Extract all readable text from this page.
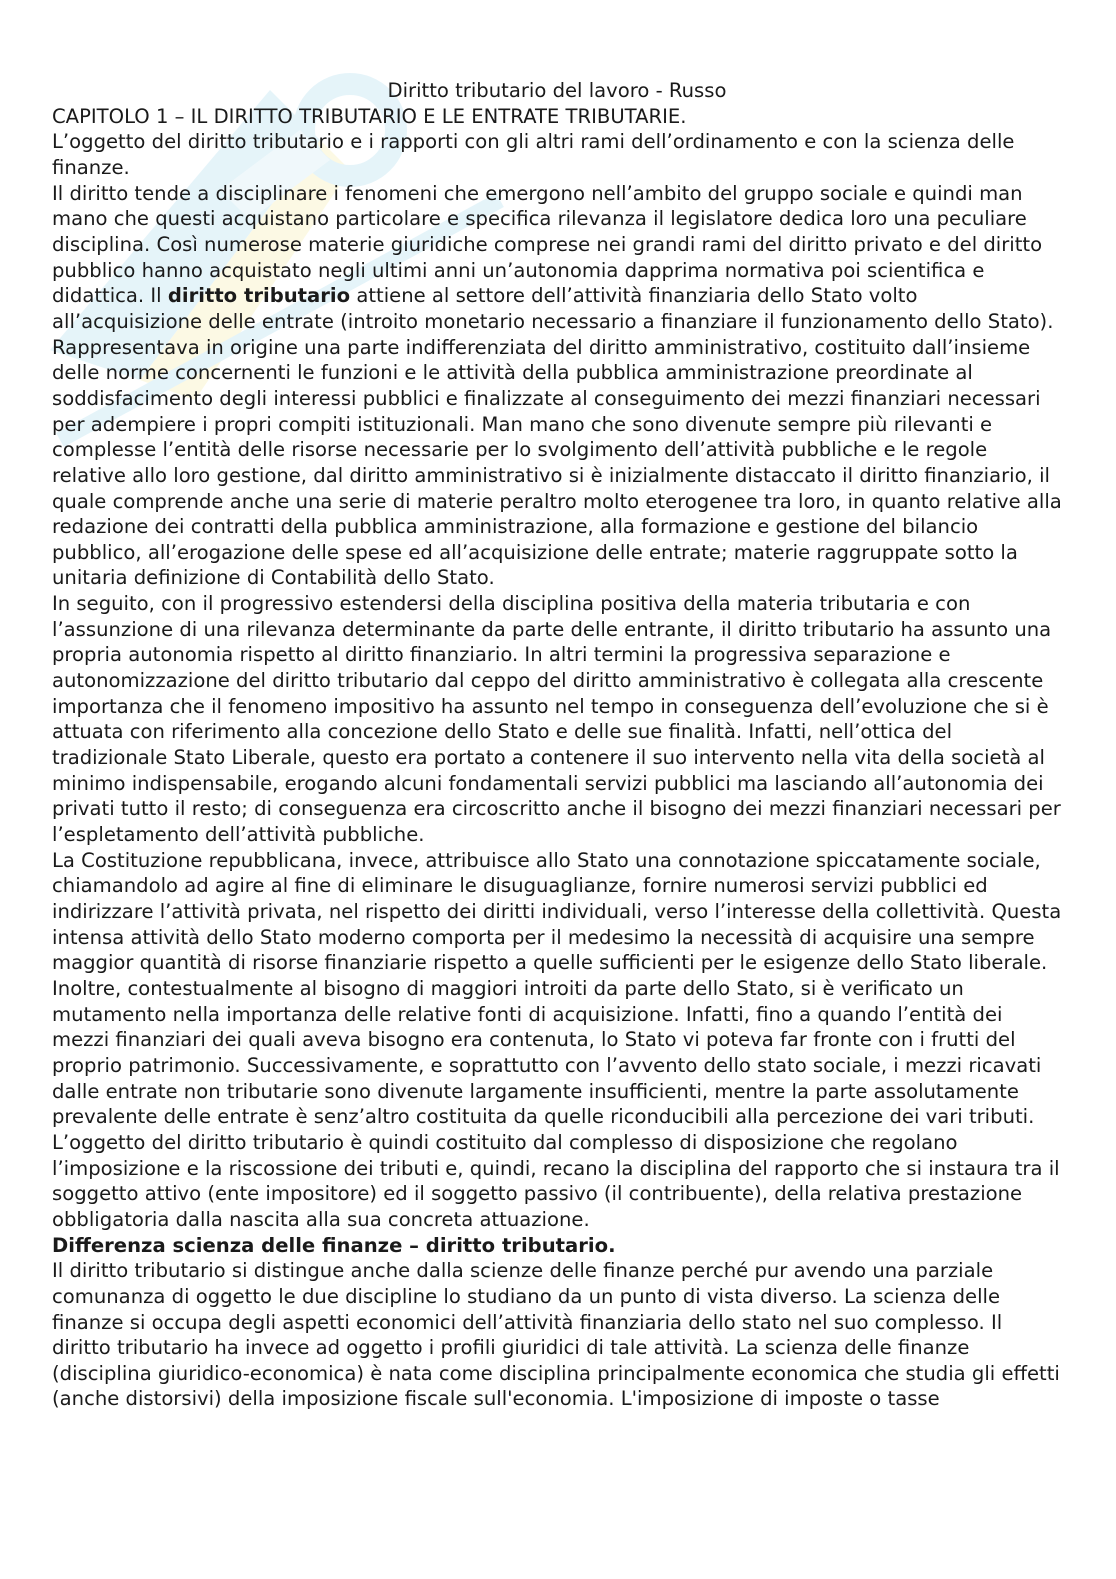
Diritto tributario del lavoro - Russo

CAPITOLO 1 – IL DIRITTO TRIBUTARIO E LE ENTRATE TRIBUTARIE.

L’oggetto del diritto tributario e i rapporti con gli altri rami dell’ordinamento e con la scienza delle finanze.

Il diritto tende a disciplinare i fenomeni che emergono nell’ambito del gruppo sociale e quindi man mano che questi acquistano particolare e specifica rilevanza il legislatore dedica loro una peculiare disciplina. Così numerose materie giuridiche comprese nei grandi rami del diritto privato e del diritto pubblico hanno acquistato negli ultimi anni un’autonomia dapprima normativa poi scientifica e didattica. Il diritto tributario attiene al settore dell’attività finanziaria dello Stato volto all’acquisizione delle entrate (introito monetario necessario a finanziare il funzionamento dello Stato). Rappresentava in origine una parte indifferenziata del diritto amministrativo, costituito dall’insieme delle norme concernenti le funzioni e le attività della pubblica amministrazione preordinate al soddisfacimento degli interessi pubblici e finalizzate al conseguimento dei mezzi finanziari necessari per adempiere i propri compiti istituzionali. Man mano che sono divenute sempre più rilevanti e complesse l’entità delle risorse necessarie per lo svolgimento dell’attività pubbliche e le regole relative allo loro gestione, dal diritto amministrativo si è inizialmente distaccato il diritto finanziario, il quale comprende anche una serie di materie peraltro molto eterogenee tra loro, in quanto relative alla redazione dei contratti della pubblica amministrazione, alla formazione e gestione del bilancio pubblico, all’erogazione delle spese ed all’acquisizione delle entrate; materie raggruppate sotto la unitaria definizione di Contabilità dello Stato.

In seguito, con il progressivo estendersi della disciplina positiva della materia tributaria e con l’assunzione di una rilevanza determinante da parte delle entrante, il diritto tributario ha assunto una propria autonomia rispetto al diritto finanziario. In altri termini la progressiva separazione e autonomizzazione del diritto tributario dal ceppo del diritto amministrativo è collegata alla crescente importanza che il fenomeno impositivo ha assunto nel tempo in conseguenza dell’evoluzione che si è attuata con riferimento alla concezione dello Stato e delle sue finalità. Infatti, nell’ottica del tradizionale Stato Liberale, questo era portato a contenere il suo intervento nella vita della società al minimo indispensabile, erogando alcuni fondamentali servizi pubblici ma lasciando all’autonomia dei privati tutto il resto; di conseguenza era circoscritto anche il bisogno dei mezzi finanziari necessari per l’espletamento dell’attività pubbliche.

La Costituzione repubblicana, invece, attribuisce allo Stato una connotazione spiccatamente sociale, chiamandolo ad agire al fine di eliminare le disuguaglianze, fornire numerosi servizi pubblici ed indirizzare l’attività privata, nel rispetto dei diritti individuali, verso l’interesse della collettività. Questa intensa attività dello Stato moderno comporta per il medesimo la necessità di acquisire una sempre maggior quantità di risorse finanziarie rispetto a quelle sufficienti per le esigenze dello Stato liberale. Inoltre, contestualmente al bisogno di maggiori introiti da parte dello Stato, si è verificato un mutamento nella importanza delle relative fonti di acquisizione. Infatti, fino a quando l’entità dei mezzi finanziari dei quali aveva bisogno era contenuta, lo Stato vi poteva far fronte con i frutti del proprio patrimonio. Successivamente, e soprattutto con l’avvento dello stato sociale, i mezzi ricavati dalle entrate non tributarie sono divenute largamente insufficienti, mentre la parte assolutamente prevalente delle entrate è senz’altro costituita da quelle riconducibili alla percezione dei vari tributi.

L’oggetto del diritto tributario è quindi costituito dal complesso di disposizione che regolano l’imposizione e la riscossione dei tributi e, quindi, recano la disciplina del rapporto che si instaura tra il soggetto attivo (ente impositore) ed il soggetto passivo (il contribuente), della relativa prestazione obbligatoria dalla nascita alla sua concreta attuazione.

Differenza scienza delle finanze – diritto tributario.

Il diritto tributario si distingue anche dalla scienze delle finanze perché pur avendo una parziale comunanza di oggetto le due discipline lo studiano da un punto di vista diverso. La scienza delle finanze si occupa degli aspetti economici dell’attività finanziaria dello stato nel suo complesso. Il diritto tributario ha invece ad oggetto i profili giuridici di tale attività. La scienza delle finanze (disciplina giuridico-economica) è nata come disciplina principalmente economica che studia gli effetti (anche distorsivi) della imposizione fiscale sull'economia. L'imposizione di imposte o tasse
